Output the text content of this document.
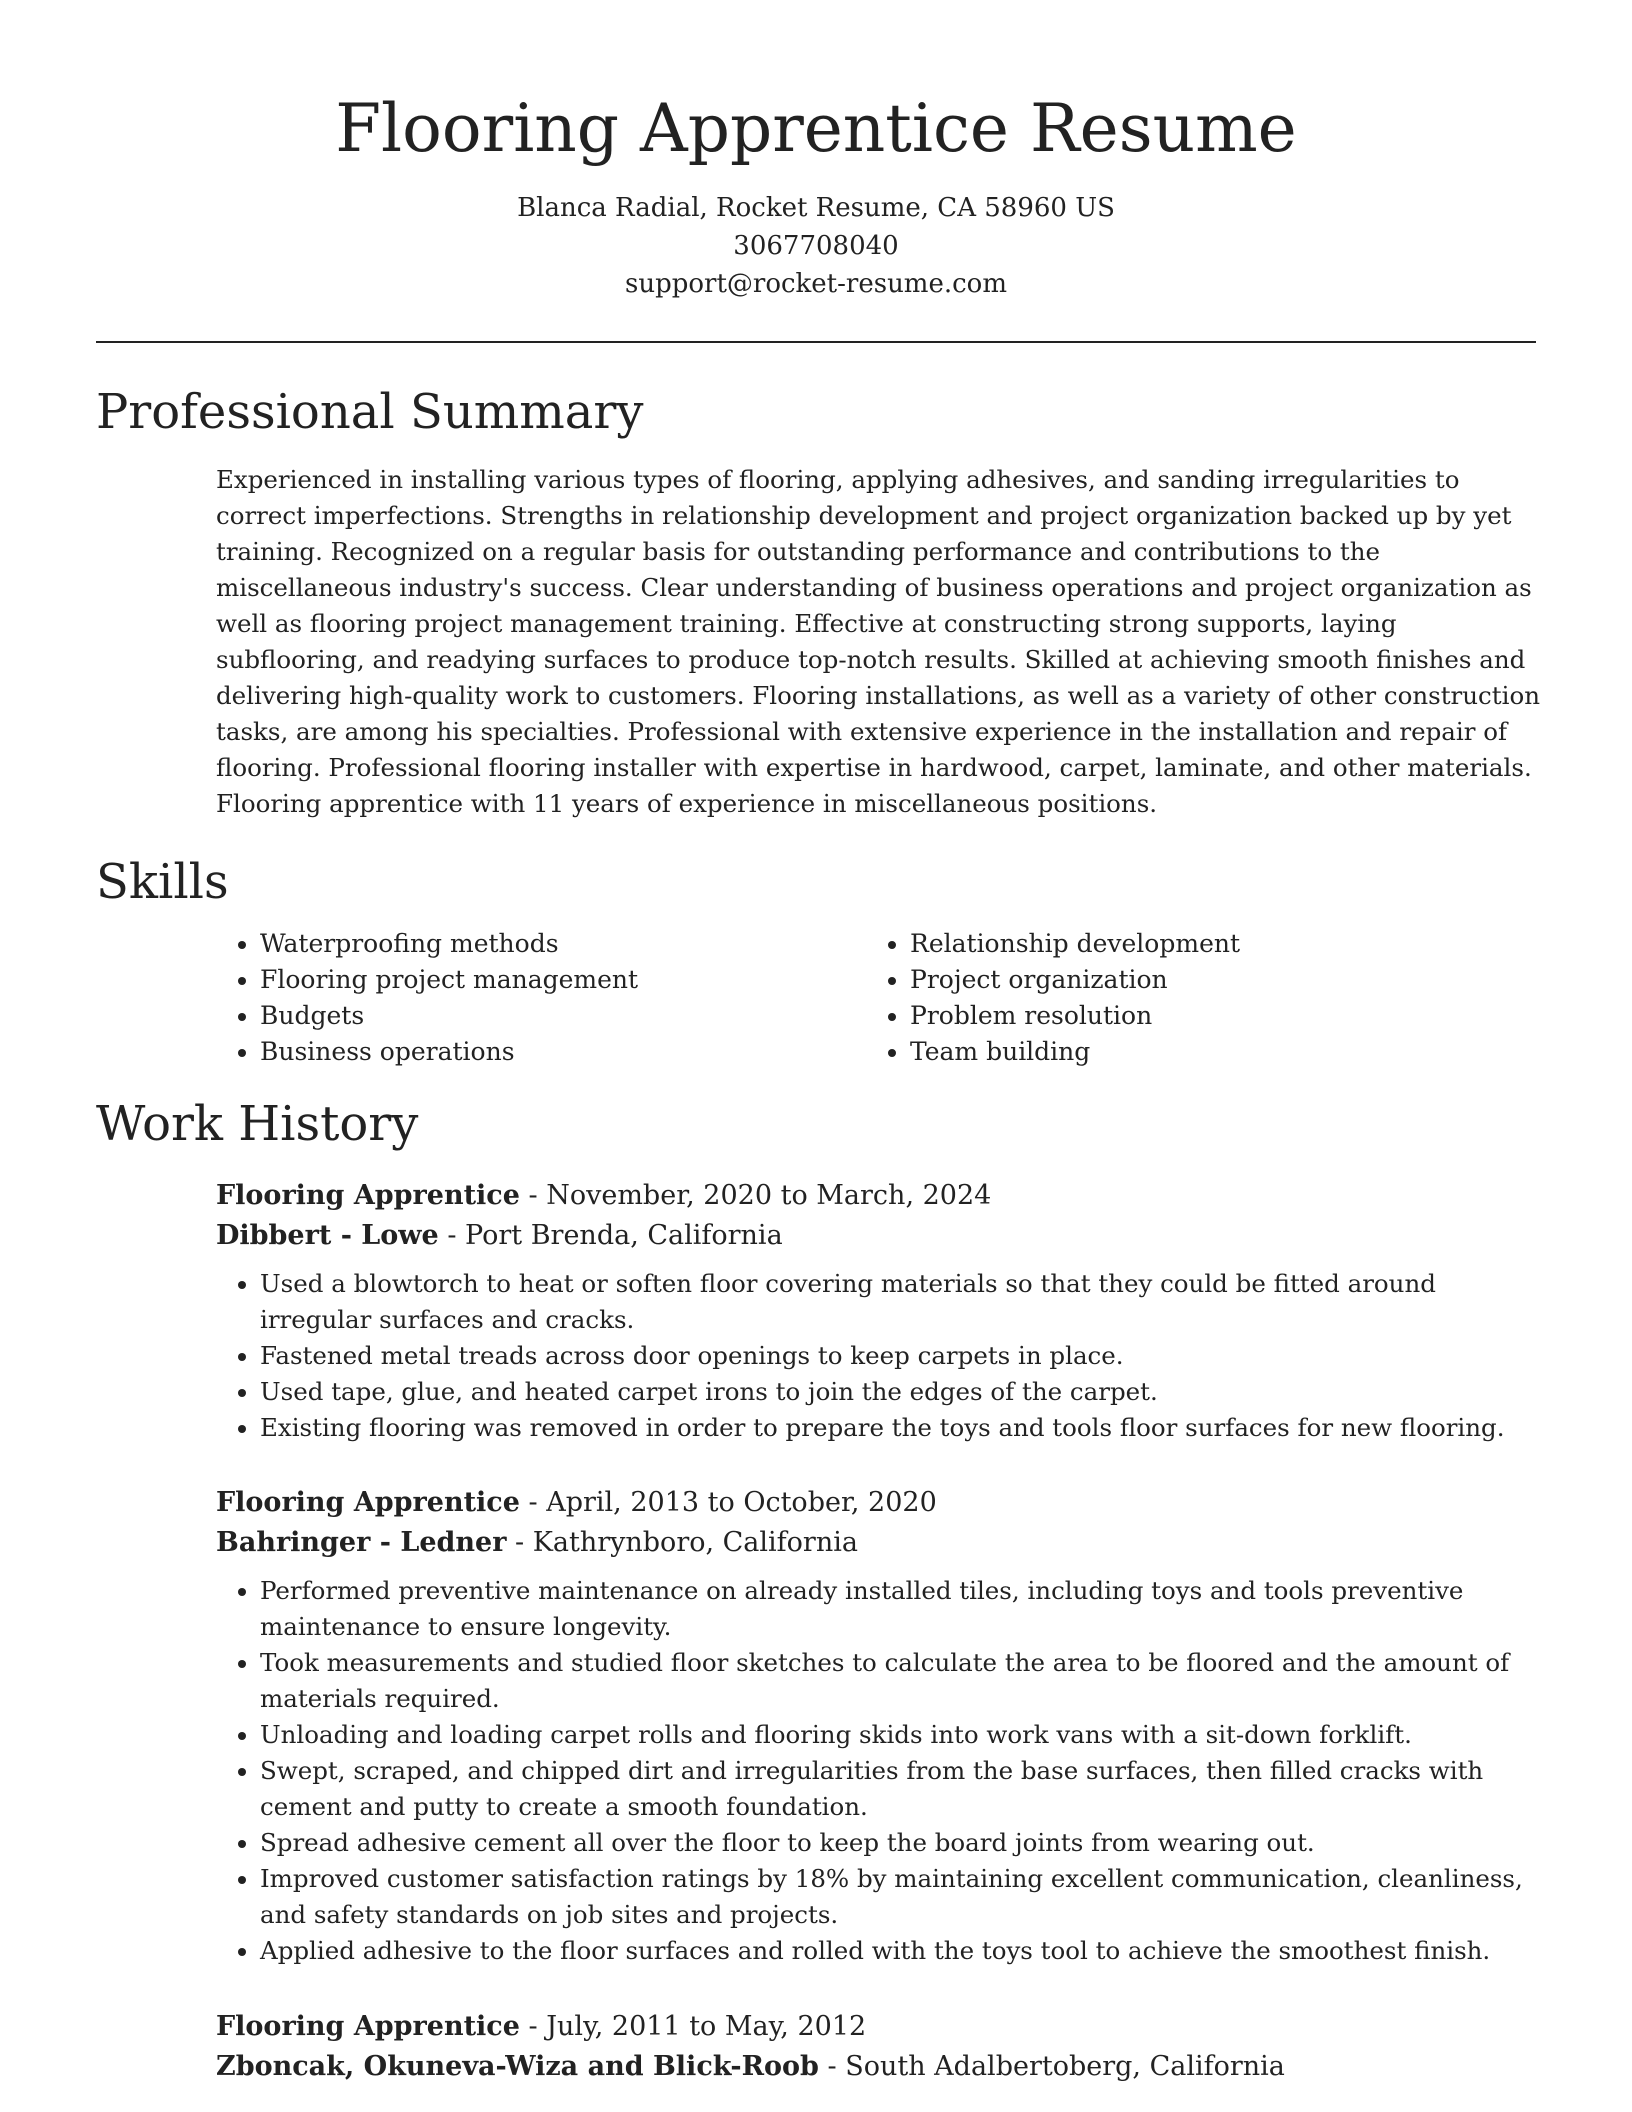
Flooring Apprentice Resume
Blanca Radial, Rocket Resume, CA 58960 US
3067708040
support@rocket-resume.com
Professional Summary

Experienced in installing various types of flooring, applying adhesives, and sanding irregularities to correct imperfections. Strengths in relationship development and project organization backed up by yet training. Recognized on a regular basis for outstanding performance and contributions to the miscellaneous industry's success. Clear understanding of business operations and project organization as well as flooring project management training. Effective at constructing strong supports, laying subflooring, and readying surfaces to produce top-notch results. Skilled at achieving smooth finishes and delivering high-quality work to customers. Flooring installations, as well as a variety of other construction tasks, are among his specialties. Professional with extensive experience in the installation and repair of flooring. Professional flooring installer with expertise in hardwood, carpet, laminate, and other materials. Flooring apprentice with 11 years of experience in miscellaneous positions.

Skills
• Waterproofing methods
• Flooring project management
• Budgets
• Business operations
• Relationship development
• Project organization
• Problem resolution
• Team building
Work History
Flooring Apprentice - November, 2020 to March, 2024
Dibbert - Lowe - Port Brenda, California
• Used a blowtorch to heat or soften floor covering materials so that they could be fitted around irregular surfaces and cracks.
• Fastened metal treads across door openings to keep carpets in place.
• Used tape, glue, and heated carpet irons to join the edges of the carpet.
• Existing flooring was removed in order to prepare the toys and tools floor surfaces for new flooring.
Flooring Apprentice - April, 2013 to October, 2020
Bahringer - Ledner - Kathrynboro, California
• Performed preventive maintenance on already installed tiles, including toys and tools preventive maintenance to ensure longevity.
• Took measurements and studied floor sketches to calculate the area to be floored and the amount of materials required.
• Unloading and loading carpet rolls and flooring skids into work vans with a sit-down forklift.
• Swept, scraped, and chipped dirt and irregularities from the base surfaces, then filled cracks with cement and putty to create a smooth foundation.
• Spread adhesive cement all over the floor to keep the board joints from wearing out.
• Improved customer satisfaction ratings by 18% by maintaining excellent communication, cleanliness, and safety standards on job sites and projects.
• Applied adhesive to the floor surfaces and rolled with the toys tool to achieve the smoothest finish.
Flooring Apprentice - July, 2011 to May, 2012
Zboncak, Okuneva-Wiza and Blick-Roob - South Adalbertoberg, California
